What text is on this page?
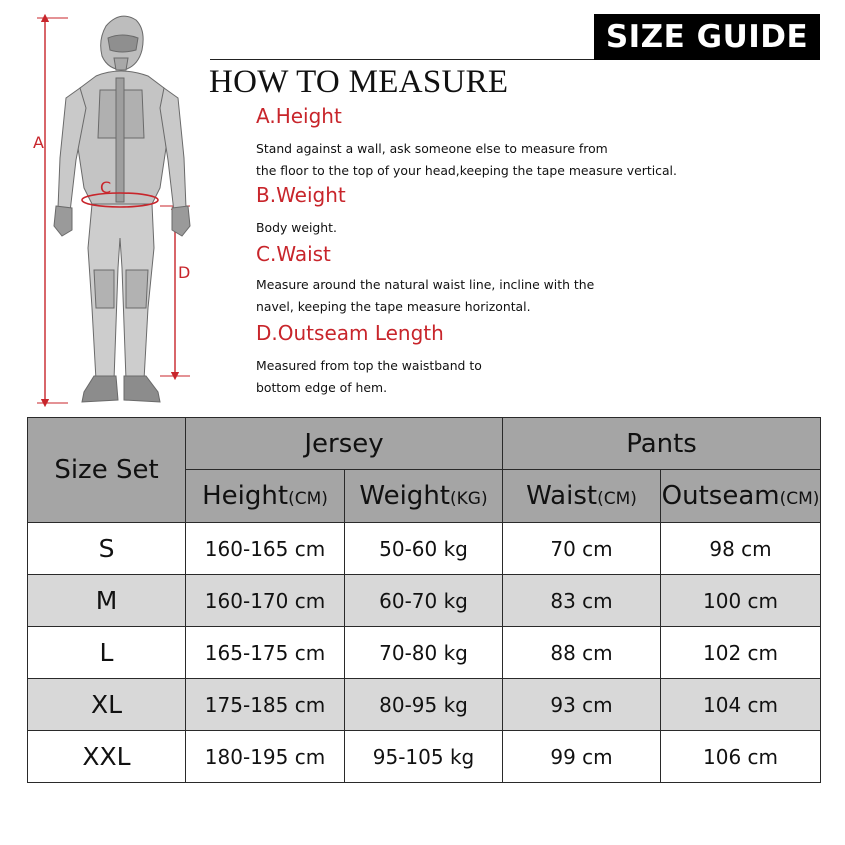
A
C
D
SIZE GUIDE
HOW TO MEASURE
A.Height
Stand against a wall, ask someone else to measure from
the floor to the top of your head,keeping the tape measure vertical.
B.Weight
Body weight.
C.Waist
Measure around the natural waist line, incline with the
navel, keeping the tape measure horizontal.
D.Outseam Length
Measured from top the waistband to
bottom edge of hem.
Size Set	Jersey		Pants	
	Height(CM)	Weight(KG)	Waist(CM)	Outseam(CM)
S	160-165 cm	50-60 kg	70 cm	98 cm
M	160-170 cm	60-70 kg	83 cm	100 cm
L	165-175 cm	70-80 kg	88 cm	102 cm
XL	175-185 cm	80-95 kg	93 cm	104 cm
XXL	180-195 cm	95-105 kg	99 cm	106 cm
